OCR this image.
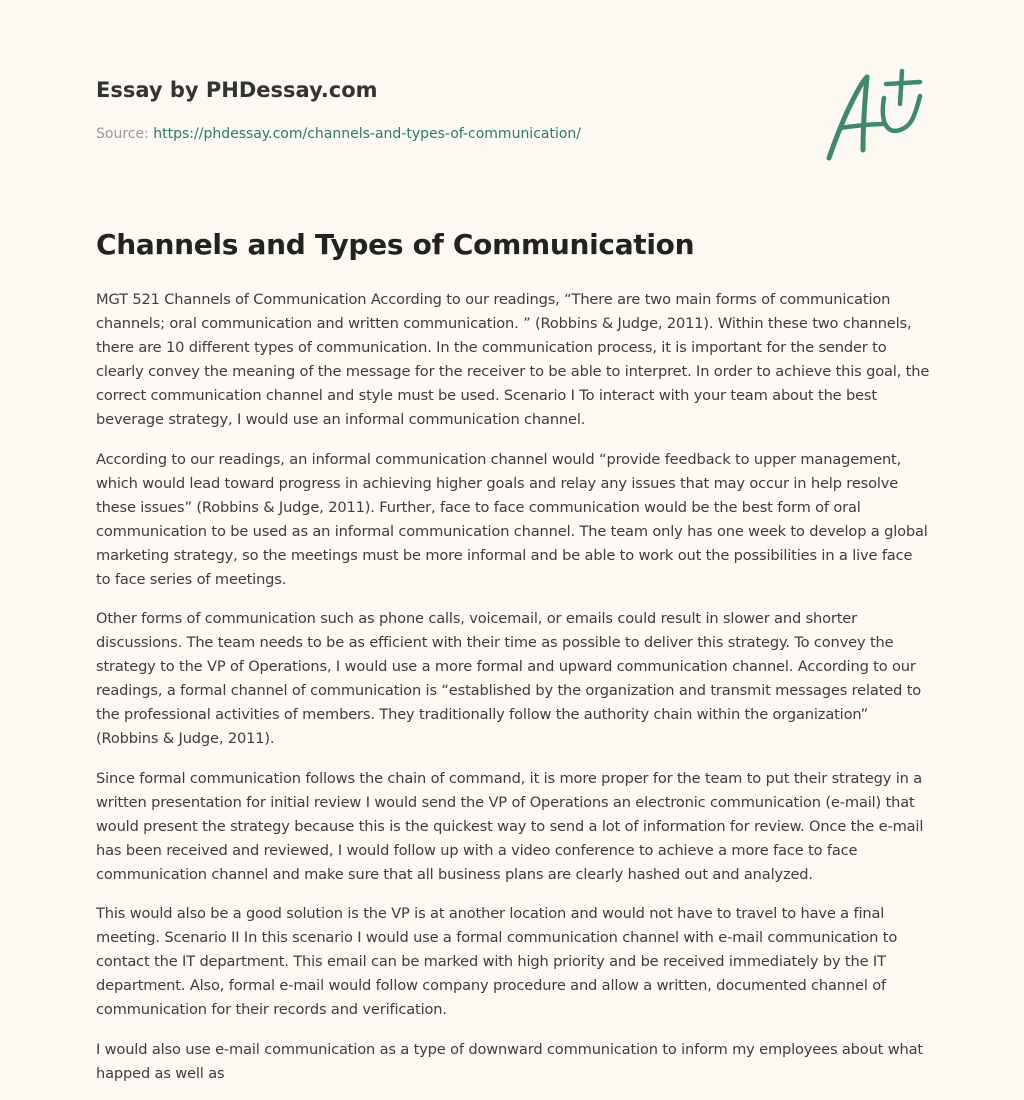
Essay by PHDessay.com
Source: https://phdessay.com/channels-and-types-of-communication/
Channels and Types of Communication

MGT 521 Channels of Communication According to our readings, “There are two main forms of communication channels; oral communication and written communication. ” (Robbins & Judge, 2011). Within these two channels, there are 10 different types of communication. In the communication process, it is important for the sender to clearly convey the meaning of the message for the receiver to be able to interpret. In order to achieve this goal, the correct communication channel and style must be used. Scenario I To interact with your team about the best beverage strategy, I would use an informal communication channel.

According to our readings, an informal communication channel would “provide feedback to upper management, which would lead toward progress in achieving higher goals and relay any issues that may occur in help resolve these issues” (Robbins & Judge, 2011). Further, face to face communication would be the best form of oral communication to be used as an informal communication channel. The team only has one week to develop a global marketing strategy, so the meetings must be more informal and be able to work out the possibilities in a live face to face series of meetings.

Other forms of communication such as phone calls, voicemail, or emails could result in slower and shorter discussions. The team needs to be as efficient with their time as possible to deliver this strategy. To convey the strategy to the VP of Operations, I would use a more formal and upward communication channel. According to our readings, a formal channel of communication is “established by the organization and transmit messages related to the professional activities of members. They traditionally follow the authority chain within the organization” (Robbins & Judge, 2011).

Since formal communication follows the chain of command, it is more proper for the team to put their strategy in a written presentation for initial review I would send the VP of Operations an electronic communication (e-mail) that would present the strategy because this is the quickest way to send a lot of information for review. Once the e-mail has been received and reviewed, I would follow up with a video conference to achieve a more face to face communication channel and make sure that all business plans are clearly hashed out and analyzed.

This would also be a good solution is the VP is at another location and would not have to travel to have a final meeting. Scenario II In this scenario I would use a formal communication channel with e-mail communication to contact the IT department. This email can be marked with high priority and be received immediately by the IT department. Also, formal e-mail would follow company procedure and allow a written, documented channel of communication for their records and verification.

I would also use e-mail communication as a type of downward communication to inform my employees about what happed as well as
